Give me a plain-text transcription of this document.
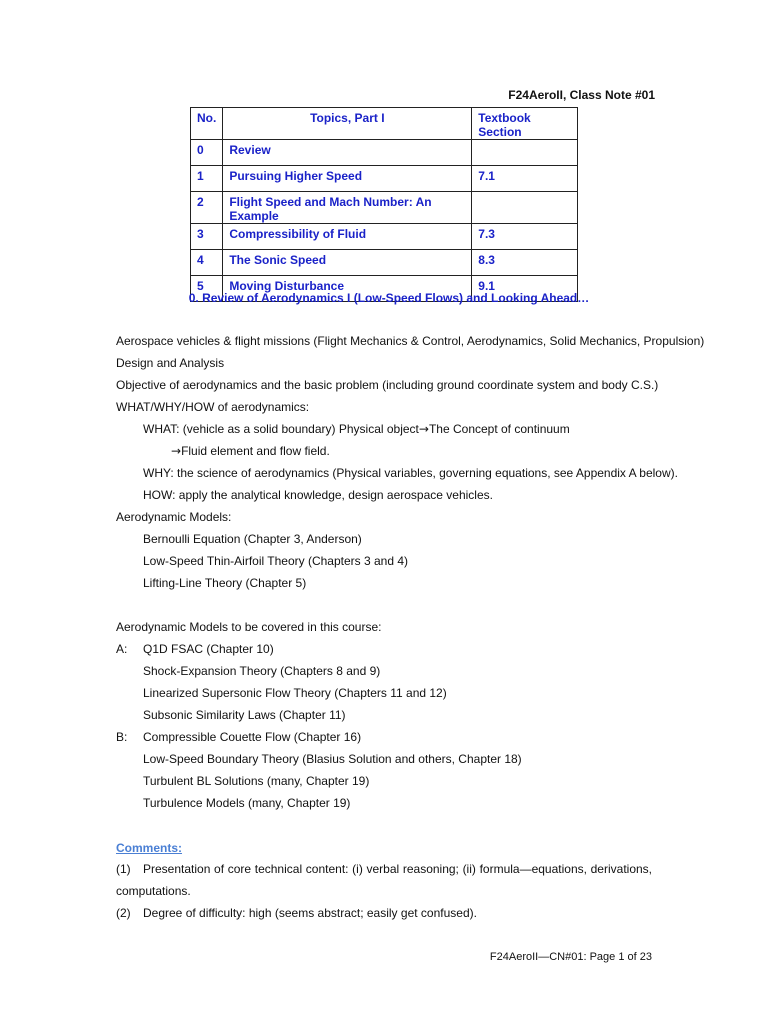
F24AeroII, Class Note #01
No.	Topics, Part I	Textbook Section
0	Review	
1	Pursuing Higher Speed	7.1
2	Flight Speed and Mach Number: An Example	
3	Compressibility of Fluid	7.3
4	The Sonic Speed	8.3
5	Moving Disturbance	9.1
0. Review of Aerodynamics I (Low-Speed Flows) and Looking Ahead…
Aerospace vehicles & flight missions (Flight Mechanics & Control, Aerodynamics, Solid Mechanics, Propulsion)
Design and Analysis
Objective of aerodynamics and the basic problem (including ground coordinate system and body C.S.)
WHAT/WHY/HOW of aerodynamics:
WHAT: (vehicle as a solid boundary) Physical object→The Concept of continuum
→Fluid element and flow field.
WHY: the science of aerodynamics (Physical variables, governing equations, see Appendix A below).
HOW: apply the analytical knowledge, design aerospace vehicles.
Aerodynamic Models:
Bernoulli Equation (Chapter 3, Anderson)
Low-Speed Thin-Airfoil Theory (Chapters 3 and 4)
Lifting-Line Theory (Chapter 5)
Aerodynamic Models to be covered in this course:
A: Q1D FSAC (Chapter 10)
Shock-Expansion Theory (Chapters 8 and 9)
Linearized Supersonic Flow Theory (Chapters 11 and 12)
Subsonic Similarity Laws (Chapter 11)
B: Compressible Couette Flow (Chapter 16)
Low-Speed Boundary Theory (Blasius Solution and others, Chapter 18)
Turbulent BL Solutions (many, Chapter 19)
Turbulence Models (many, Chapter 19)
Comments:
(1) Presentation of core technical content: (i) verbal reasoning; (ii) formula—equations, derivations, computations.
(2) Degree of difficulty: high (seems abstract; easily get confused).
F24AeroII—CN#01: Page 1 of 23
